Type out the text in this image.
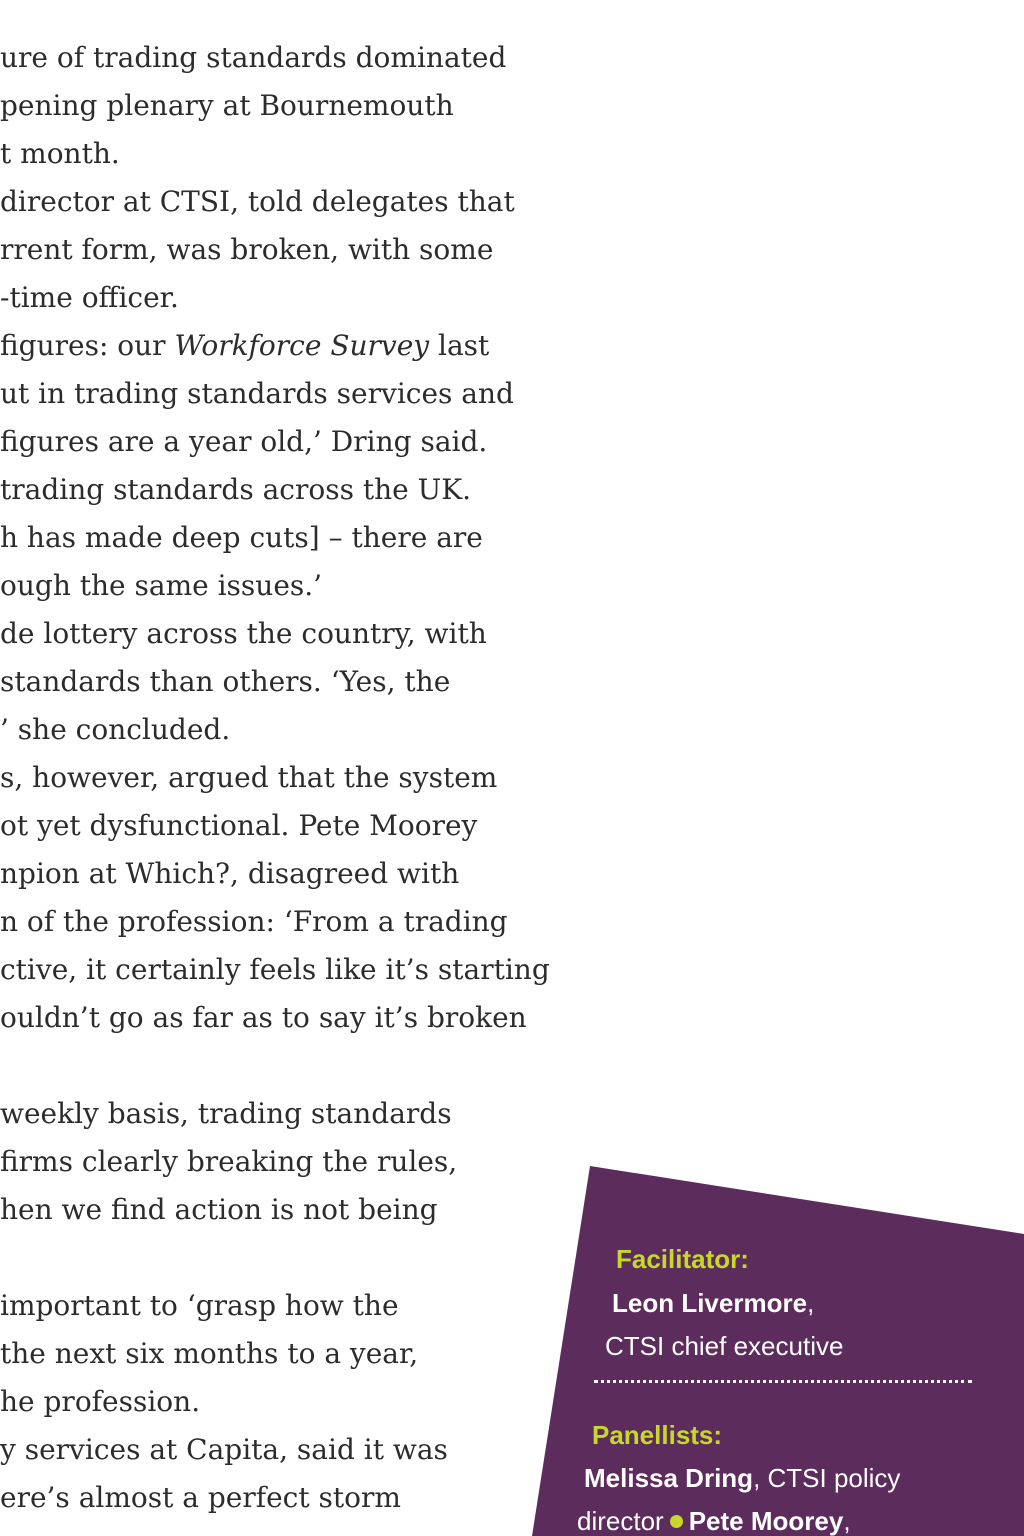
ure of trading standards dominated
pening plenary at Bournemouth
t month.
director at CTSI, told delegates that
rrent form, was broken, with some
-time officer.
figures: our Workforce Survey last
ut in trading standards services and
figures are a year old,’ Dring said.
trading standards across the UK.
h has made deep cuts] – there are
ough the same issues.’
de lottery across the country, with
standards than others. ‘Yes, the
’ she concluded.
s, however, argued that the system
ot yet dysfunctional. Pete Moorey
npion at Which?, disagreed with
n of the profession: ‘From a trading
ctive, it certainly feels like it’s starting
ouldn’t go as far as to say it’s broken
weekly basis, trading standards
firms clearly breaking the rules,
hen we find action is not being
important to ‘grasp how the
the next six months to a year,
he profession.
y services at Capita, said it was
ere’s almost a perfect storm
Facilitator:
Leon Livermore,
CTSI chief executive
Panellists:
Melissa Dring, CTSI policy
director Pete Moorey,
